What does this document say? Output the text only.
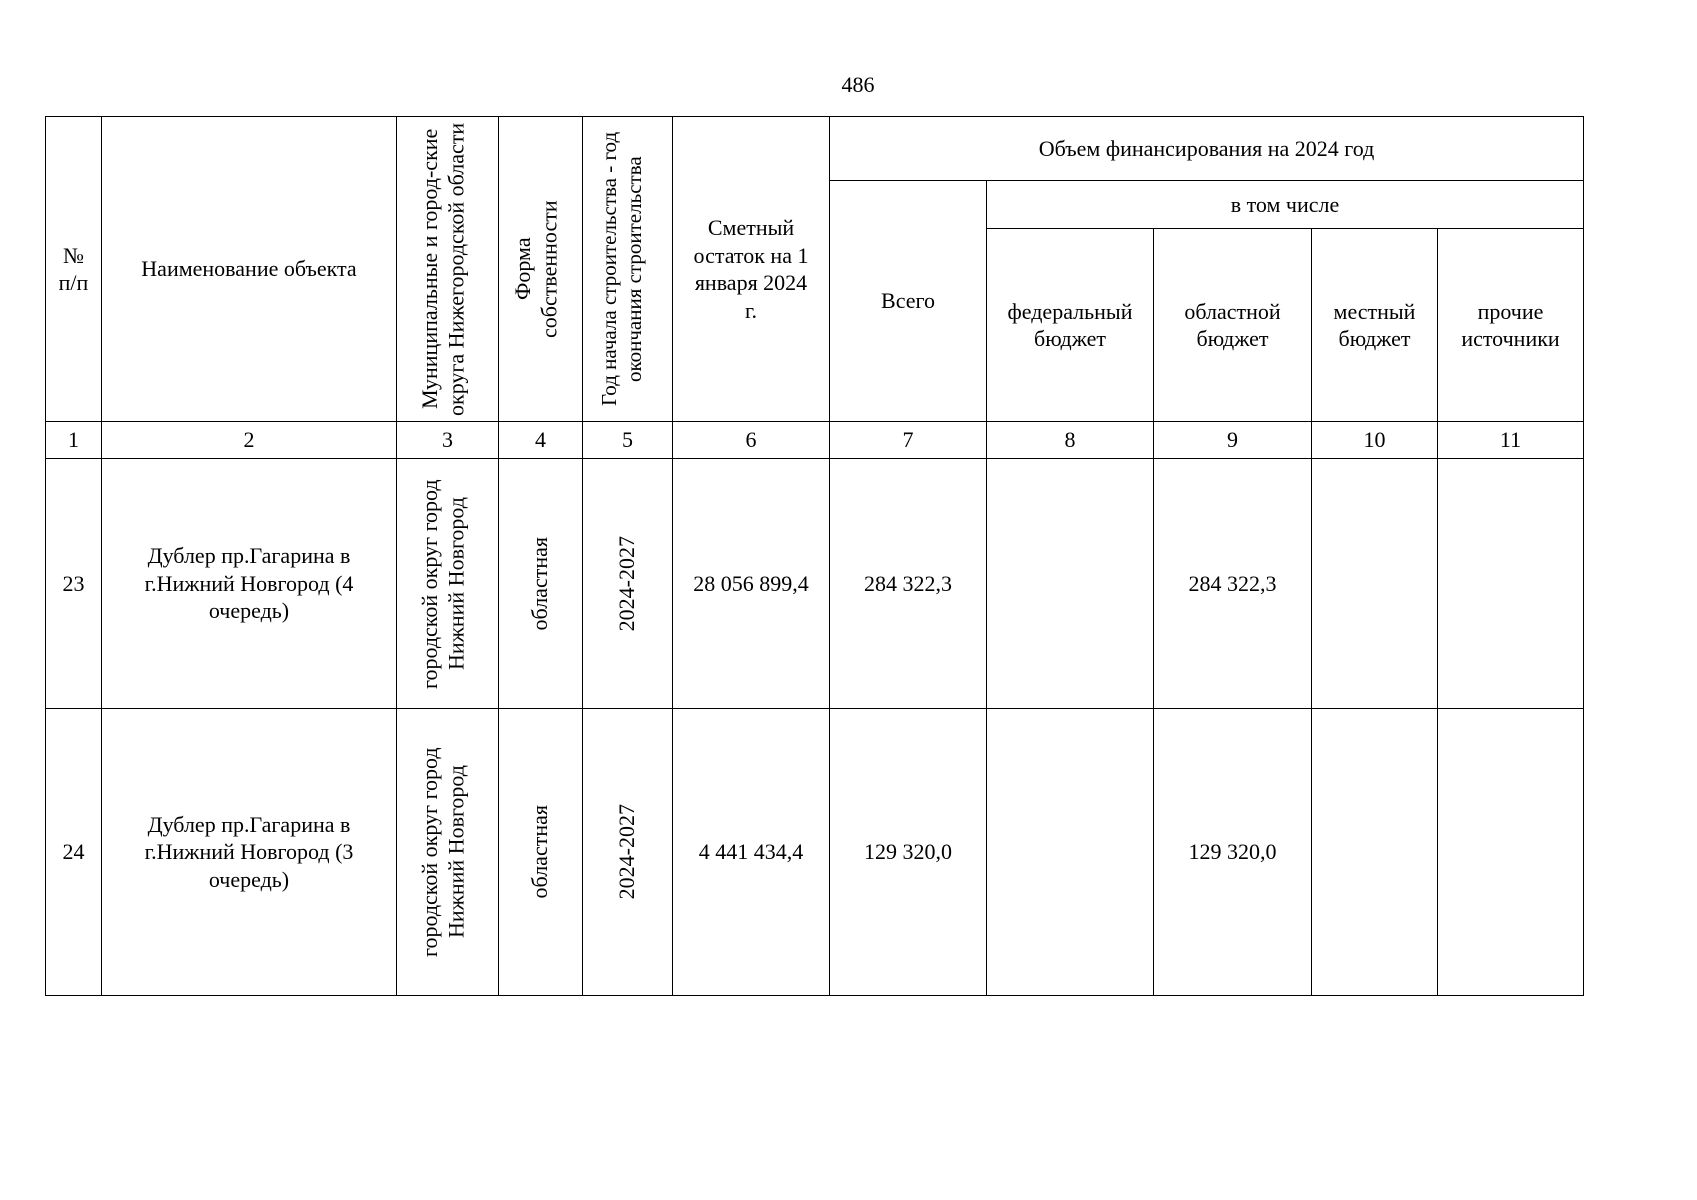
486
№ п/п	Наименование объекта	Муниципальные и город-ские округа Нижегородской области	Форма собственности	Год начала строительства - год окончания строительства	Сметный остаток на 1 января 2024 г.	Объем финансирования на 2024 год				
						Всего	в том числе			

							федеральный бюджет	областной бюджет	местный бюджет	прочие источники

1	2	3	4	5	6	7	8	9	10	11
23	Дублер пр.Гагарина в г.Нижний Новгород (4 очередь)	городской округ город Нижний Новгород	областная	2024-2027	28 056 899,4	284 322,3		284 322,3		
24	Дублер пр.Гагарина в г.Нижний Новгород (3 очередь)	городской округ город Нижний Новгород	областная	2024-2027	4 441 434,4	129 320,0		129 320,0		
